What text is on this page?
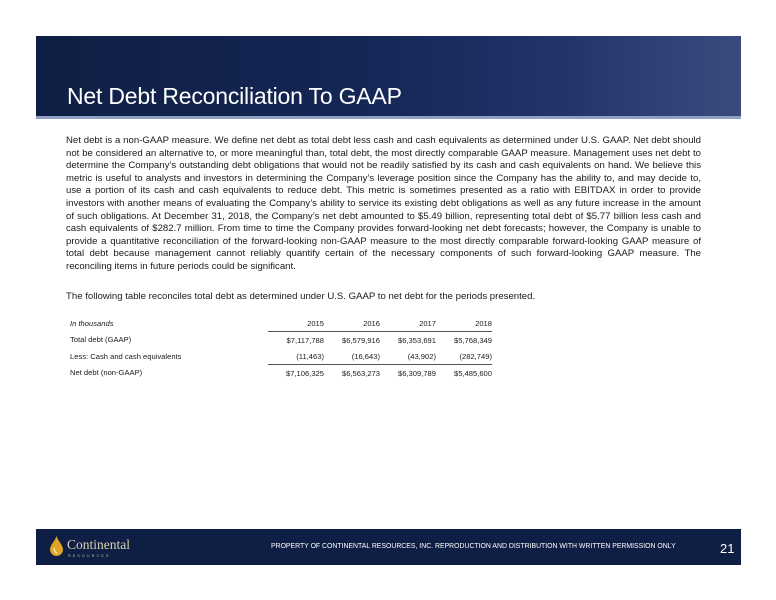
Net Debt Reconciliation To GAAP

Net debt is a non-GAAP measure. We define net debt as total debt less cash and cash equivalents as determined under U.S. GAAP. Net debt should not be considered an alternative to, or more meaningful than, total debt, the most directly comparable GAAP measure. Management uses net debt to determine the Company’s outstanding debt obligations that would not be readily satisfied by its cash and cash equivalents on hand. We believe this metric is useful to analysts and investors in determining the Company’s leverage position since the Company has the ability to, and may decide to, use a portion of its cash and cash equivalents to reduce debt. This metric is sometimes presented as a ratio with EBITDAX in order to provide investors with another means of evaluating the Company’s ability to service its existing debt obligations as well as any future increase in the amount of such obligations. At December 31, 2018, the Company’s net debt amounted to $5.49 billion, representing total debt of $5.77 billion less cash and cash equivalents of $282.7 million. From time to time the Company provides forward-looking net debt forecasts; however, the Company is unable to provide a quantitative reconciliation of the forward-looking non-GAAP measure to the most directly comparable forward-looking GAAP measure of total debt because management cannot reliably quantify certain of the necessary components of such forward-looking GAAP measure. The reconciling items in future periods could be significant.

The following table reconciles total debt as determined under U.S. GAAP to net debt for the periods presented.

In thousands	2015	2016	2017	2018
Total debt (GAAP)	$7,117,788	$6,579,916	$6,353,691	$5,768,349
Less: Cash and cash equivalents	(11,463)	(16,643)	(43,902)	(282,749)
Net debt (non-GAAP)	$7,106,325	$6,563,273	$6,309,789	$5,485,600
Continental
RESOURCES
PROPERTY OF CONTINENTAL RESOURCES, INC. REPRODUCTION AND DISTRIBUTION WITH WRITTEN PERMISSION ONLY	21
